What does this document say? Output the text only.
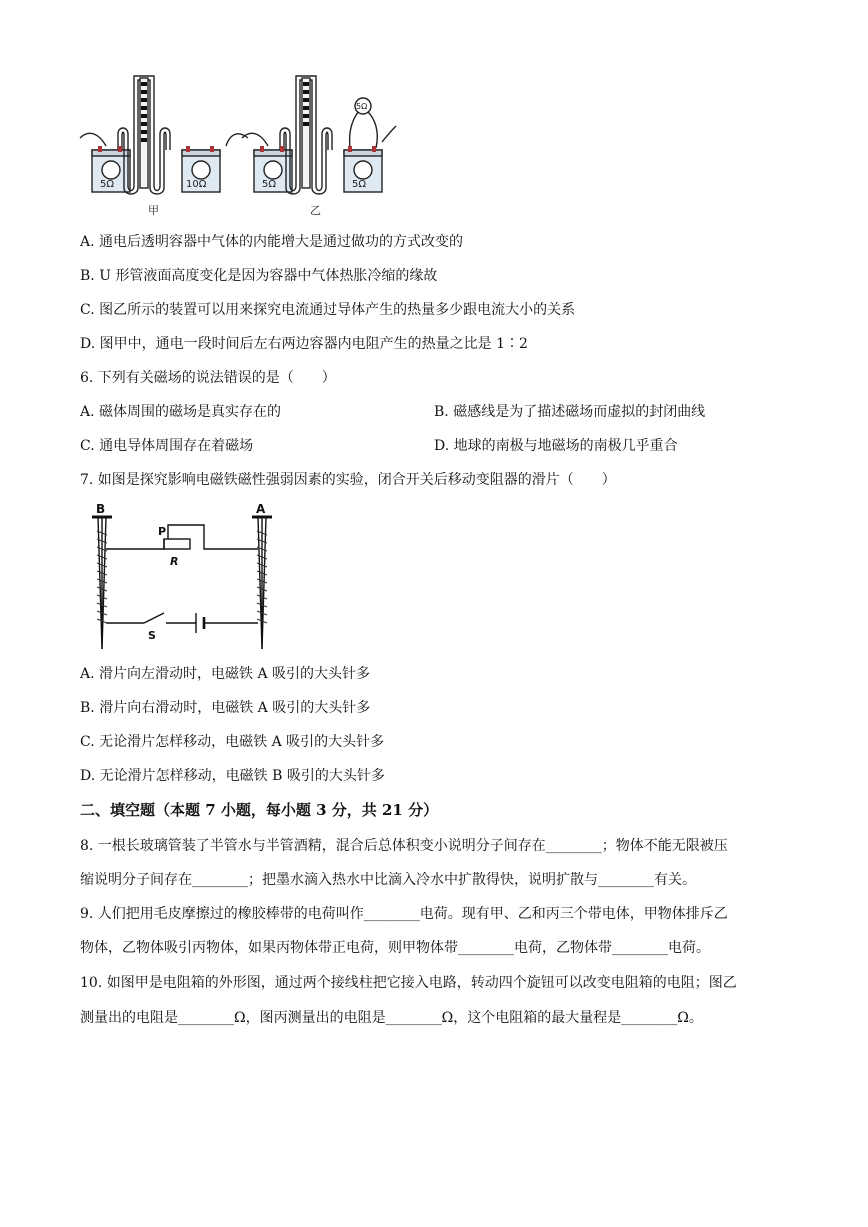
5Ω	10Ω
甲
5Ω	5Ω
5Ω
乙
A. 通电后透明容器中气体的内能增大是通过做功的方式改变的
B. U 形管液面高度变化是因为容器中气体热胀冷缩的缘故
C. 图乙所示的装置可以用来探究电流通过导体产生的热量多少跟电流大小的关系
D. 图甲中，通电一段时间后左右两边容器内电阻产生的热量之比是 1∶2
6. 下列有关磁场的说法错误的是（　　）
A. 磁体周围的磁场是真实存在的	B. 磁感线是为了描述磁场而虚拟的封闭曲线
C. 通电导体周围存在着磁场	D. 地球的南极与地磁场的南极几乎重合
7. 如图是探究影响电磁铁磁性强弱因素的实验，闭合开关后移动变阻器的滑片（　　）
B	A
P
R
S
A. 滑片向左滑动时，电磁铁 A 吸引的大头针多
B. 滑片向右滑动时，电磁铁 A 吸引的大头针多
C. 无论滑片怎样移动，电磁铁 A 吸引的大头针多
D. 无论滑片怎样移动，电磁铁 B 吸引的大头针多
二、填空题（本题 7 小题，每小题 3 分，共 21 分）
8. 一根长玻璃管装了半管水与半管酒精，混合后总体积变小说明分子间存在________；物体不能无限被压
缩说明分子间存在________；把墨水滴入热水中比滴入冷水中扩散得快，说明扩散与________有关。
9. 人们把用毛皮摩擦过的橡胶棒带的电荷叫作________电荷。现有甲、乙和丙三个带电体，甲物体排斥乙
物体，乙物体吸引丙物体，如果丙物体带正电荷，则甲物体带________电荷，乙物体带________电荷。
10. 如图甲是电阻箱的外形图，通过两个接线柱把它接入电路，转动四个旋钮可以改变电阻箱的电阻；图乙
测量出的电阻是________Ω，图丙测量出的电阻是________Ω，这个电阻箱的最大量程是________Ω。
